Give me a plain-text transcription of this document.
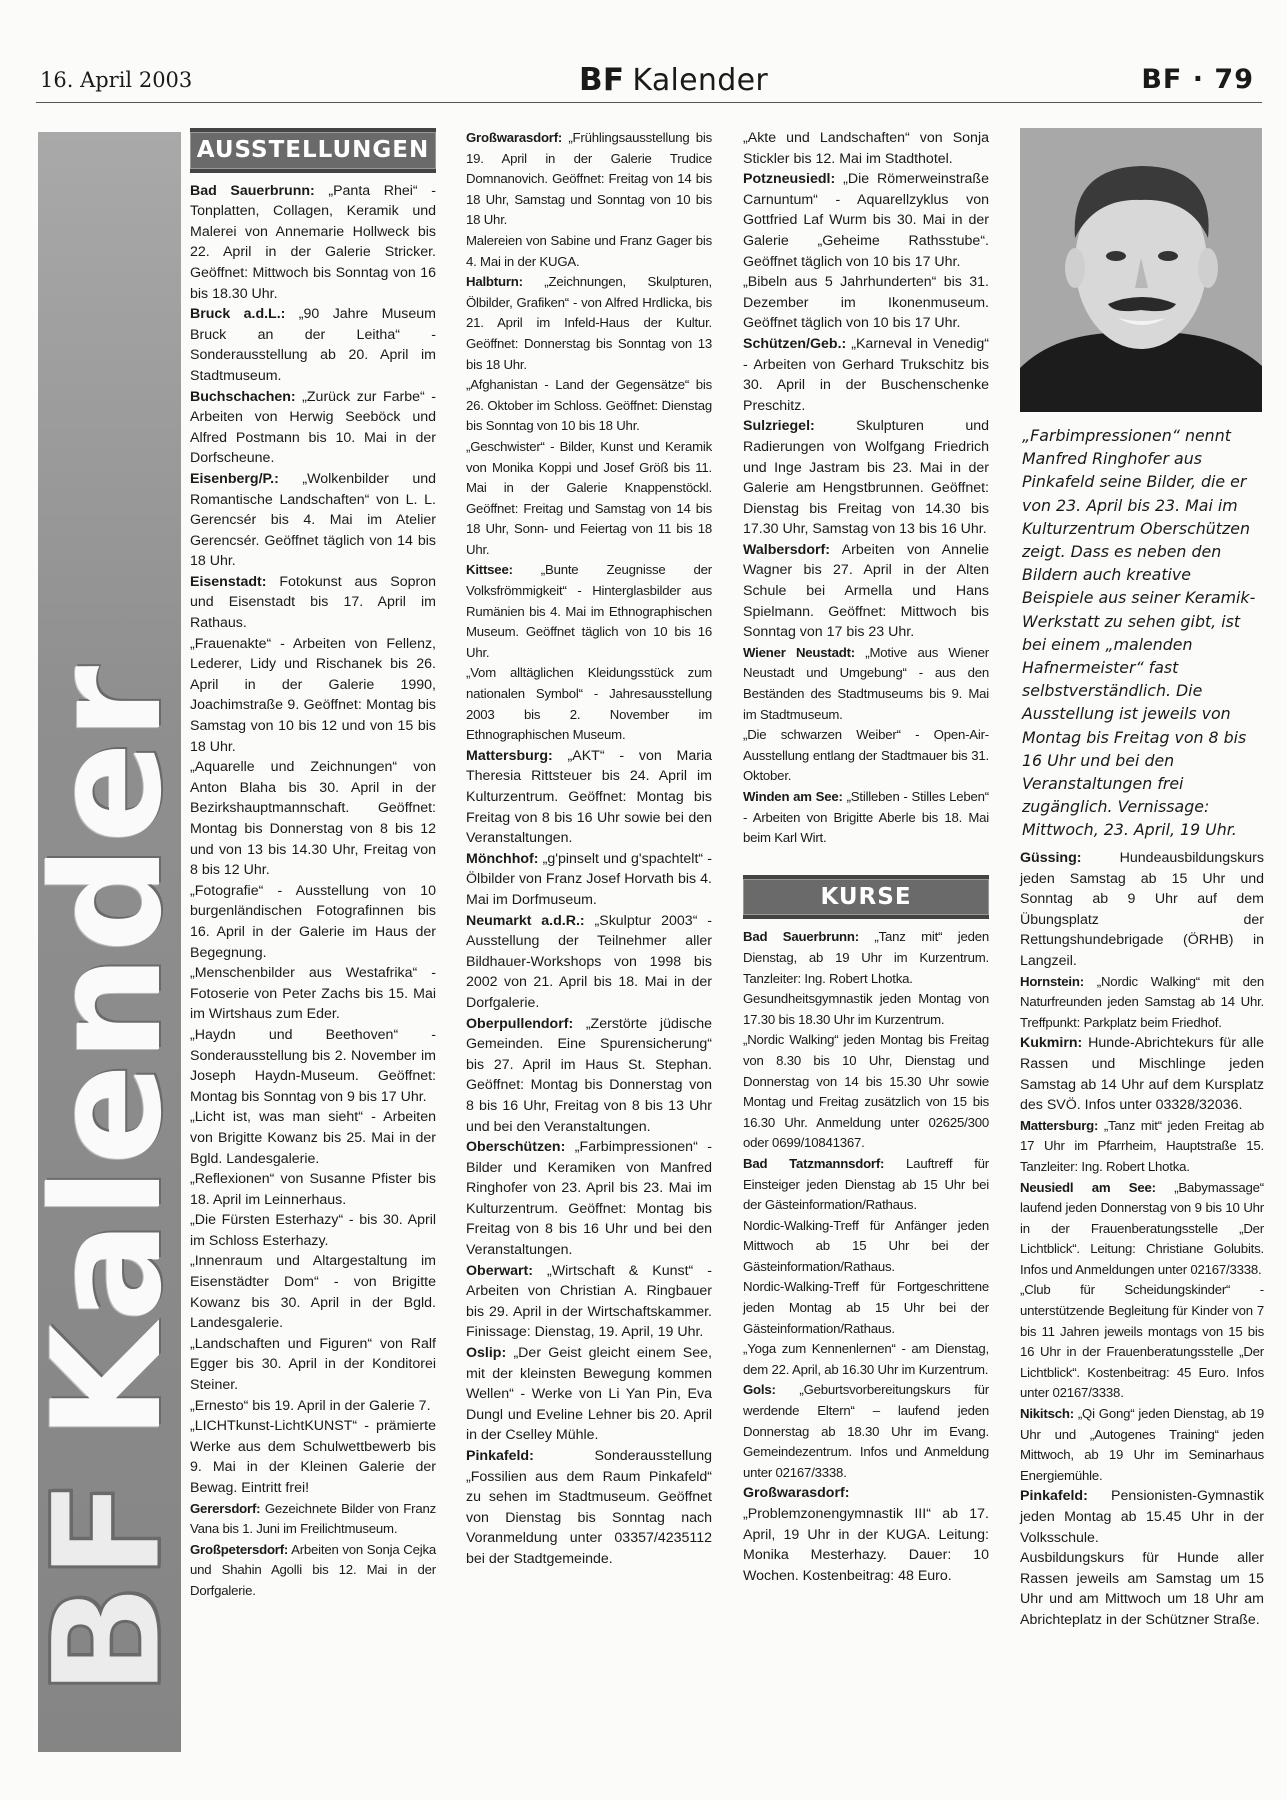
16. April 2003	BF Kalender	BF · 79
BFKalender
AUSSTELLUNGEN

Bad Sauerbrunn: „Panta Rhei“ - Tonplatten, Collagen, Keramik und Malerei von Annemarie Hollweck bis 22. April in der Galerie Stricker. Geöffnet: Mittwoch bis Sonntag von 16 bis 18.30 Uhr.

Bruck a.d.L.: „90 Jahre Museum Bruck an der Leitha“ - Sonderausstellung ab 20. April im Stadtmuseum.

Buchschachen: „Zurück zur Farbe“ - Arbeiten von Herwig Seeböck und Alfred Postmann bis 10. Mai in der Dorfscheune.

Eisenberg/P.: „Wolkenbilder und Romantische Landschaften“ von L. L. Gerencsér bis 4. Mai im Atelier Gerencsér. Geöffnet täglich von 14 bis 18 Uhr.

Eisenstadt: Fotokunst aus Sopron und Eisenstadt bis 17. April im Rathaus.

„Frauenakte“ - Arbeiten von Fellenz, Lederer, Lidy und Rischanek bis 26. April in der Galerie 1990, Joachimstraße 9. Geöffnet: Montag bis Samstag von 10 bis 12 und von 15 bis 18 Uhr.

„Aquarelle und Zeichnungen“ von Anton Blaha bis 30. April in der Bezirkshauptmannschaft. Geöffnet: Montag bis Donnerstag von 8 bis 12 und von 13 bis 14.30 Uhr, Freitag von 8 bis 12 Uhr.

„Fotografie“ - Ausstellung von 10 burgenländischen Fotografinnen bis 16. April in der Galerie im Haus der Begegnung.

„Menschenbilder aus Westafrika“ - Fotoserie von Peter Zachs bis 15. Mai im Wirtshaus zum Eder.

„Haydn und Beethoven“ - Sonderausstellung bis 2. November im Joseph Haydn-Museum. Geöffnet: Montag bis Sonntag von 9 bis 17 Uhr.

„Licht ist, was man sieht“ - Arbeiten von Brigitte Kowanz bis 25. Mai in der Bgld. Landesgalerie.

„Reflexionen“ von Susanne Pfister bis 18. April im Leinnerhaus.

„Die Fürsten Esterhazy“ - bis 30. April im Schloss Esterhazy.

„Innenraum und Altargestaltung im Eisenstädter Dom“ - von Brigitte Kowanz bis 30. April in der Bgld. Landesgalerie.

„Landschaften und Figuren“ von Ralf Egger bis 30. April in der Konditorei Steiner.

„Ernesto“ bis 19. April in der Galerie 7.

„LICHTkunst-LichtKUNST“ - prämierte Werke aus dem Schulwettbewerb bis 9. Mai in der Kleinen Galerie der Bewag. Eintritt frei!

Gerersdorf: Gezeichnete Bilder von Franz Vana bis 1. Juni im Freilichtmuseum.

Großpetersdorf: Arbeiten von Sonja Cejka und Shahin Agolli bis 12. Mai in der Dorfgalerie.

Großwarasdorf: „Frühlingsausstellung bis 19. April in der Galerie Trudice Domnanovich. Geöffnet: Freitag von 14 bis 18 Uhr, Samstag und Sonntag von 10 bis 18 Uhr.

Malereien von Sabine und Franz Gager bis 4. Mai in der KUGA.

Halbturn: „Zeichnungen, Skulpturen, Ölbilder, Grafiken“ - von Alfred Hrdlicka, bis 21. April im Infeld-Haus der Kultur. Geöffnet: Donnerstag bis Sonntag von 13 bis 18 Uhr.

„Afghanistan - Land der Gegensätze“ bis 26. Oktober im Schloss. Geöffnet: Dienstag bis Sonntag von 10 bis 18 Uhr.

„Geschwister“ - Bilder, Kunst und Keramik von Monika Koppi und Josef Größ bis 11. Mai in der Galerie Knappenstöckl. Geöffnet: Freitag und Samstag von 14 bis 18 Uhr, Sonn- und Feiertag von 11 bis 18 Uhr.

Kittsee: „Bunte Zeugnisse der Volksfrömmigkeit“ - Hinterglasbilder aus Rumänien bis 4. Mai im Ethnographischen Museum. Geöffnet täglich von 10 bis 16 Uhr.

„Vom alltäglichen Kleidungsstück zum nationalen Symbol“ - Jahresausstellung 2003 bis 2. November im Ethnographischen Museum.

Mattersburg: „AKT“ - von Maria Theresia Rittsteuer bis 24. April im Kulturzentrum. Geöffnet: Montag bis Freitag von 8 bis 16 Uhr sowie bei den Veranstaltungen.

Mönchhof: „g'pinselt und g'spachtelt“ - Ölbilder von Franz Josef Horvath bis 4. Mai im Dorfmuseum.

Neumarkt a.d.R.: „Skulptur 2003“ - Ausstellung der Teilnehmer aller Bildhauer-Workshops von 1998 bis 2002 von 21. April bis 18. Mai in der Dorfgalerie.

Oberpullendorf: „Zerstörte jüdische Gemeinden. Eine Spurensicherung“ bis 27. April im Haus St. Stephan. Geöffnet: Montag bis Donnerstag von 8 bis 16 Uhr, Freitag von 8 bis 13 Uhr und bei den Veranstaltungen.

Oberschützen: „Farbimpressionen“ - Bilder und Keramiken von Manfred Ringhofer von 23. April bis 23. Mai im Kulturzentrum. Geöffnet: Montag bis Freitag von 8 bis 16 Uhr und bei den Veranstaltungen.

Oberwart: „Wirtschaft & Kunst“ - Arbeiten von Christian A. Ringbauer bis 29. April in der Wirtschaftskammer. Finissage: Dienstag, 19. April, 19 Uhr.

Oslip: „Der Geist gleicht einem See, mit der kleinsten Bewegung kommen Wellen“ - Werke von Li Yan Pin, Eva Dungl und Eveline Lehner bis 20. April in der Cselley Mühle.

Pinkafeld: Sonderausstellung „Fossilien aus dem Raum Pinkafeld“ zu sehen im Stadtmuseum. Geöffnet von Dienstag bis Sonntag nach Voranmeldung unter 03357/4235112 bei der Stadtgemeinde.

„Akte und Landschaften“ von Sonja Stickler bis 12. Mai im Stadthotel.

Potzneusiedl: „Die Römerweinstraße Carnuntum“ - Aquarellzyklus von Gottfried Laf Wurm bis 30. Mai in der Galerie „Geheime Rathsstube“. Geöffnet täglich von 10 bis 17 Uhr.

„Bibeln aus 5 Jahrhunderten“ bis 31. Dezember im Ikonenmuseum. Geöffnet täglich von 10 bis 17 Uhr.

Schützen/Geb.: „Karneval in Venedig“ - Arbeiten von Gerhard Trukschitz bis 30. April in der Buschenschenke Preschitz.

Sulzriegel: Skulpturen und Radierungen von Wolfgang Friedrich und Inge Jastram bis 23. Mai in der Galerie am Hengstbrunnen. Geöffnet: Dienstag bis Freitag von 14.30 bis 17.30 Uhr, Samstag von 13 bis 16 Uhr.

Walbersdorf: Arbeiten von Annelie Wagner bis 27. April in der Alten Schule bei Armella und Hans Spielmann. Geöffnet: Mittwoch bis Sonntag von 17 bis 23 Uhr.

Wiener Neustadt: „Motive aus Wiener Neustadt und Umgebung“ - aus den Beständen des Stadtmuseums bis 9. Mai im Stadtmuseum.

„Die schwarzen Weiber“ - Open-Air-Ausstellung entlang der Stadtmauer bis 31. Oktober.

Winden am See: „Stilleben - Stilles Leben“ - Arbeiten von Brigitte Aberle bis 18. Mai beim Karl Wirt.

KURSE

Bad Sauerbrunn: „Tanz mit“ jeden Dienstag, ab 19 Uhr im Kurzentrum. Tanzleiter: Ing. Robert Lhotka.

Gesundheitsgymnastik jeden Montag von 17.30 bis 18.30 Uhr im Kurzentrum.

„Nordic Walking“ jeden Montag bis Freitag von 8.30 bis 10 Uhr, Dienstag und Donnerstag von 14 bis 15.30 Uhr sowie Montag und Freitag zusätzlich von 15 bis 16.30 Uhr. Anmeldung unter 02625/300 oder 0699/10841367.

Bad Tatzmannsdorf: Lauftreff für Einsteiger jeden Dienstag ab 15 Uhr bei der Gästeinformation/Rathaus.

Nordic-Walking-Treff für Anfänger jeden Mittwoch ab 15 Uhr bei der Gästeinformation/Rathaus.

Nordic-Walking-Treff für Fortgeschrittene jeden Montag ab 15 Uhr bei der Gästeinformation/Rathaus.

„Yoga zum Kennenlernen“ - am Dienstag, dem 22. April, ab 16.30 Uhr im Kurzentrum.

Gols: „Geburtsvorbereitungskurs für werdende Eltern“ – laufend jeden Donnerstag ab 18.30 Uhr im Evang. Gemeindezentrum. Infos und Anmeldung unter 02167/3338.

Großwarasdorf: „Problemzonengymnastik III“ ab 17. April, 19 Uhr in der KUGA. Leitung: Monika Mesterhazy. Dauer: 10 Wochen. Kostenbeitrag: 48 Euro.

„Farbimpressionen“ nennt Manfred Ringhofer aus Pinkafeld seine Bilder, die er von 23. April bis 23. Mai im Kulturzentrum Oberschützen zeigt. Dass es neben den Bildern auch kreative Beispiele aus seiner Keramik-Werkstatt zu sehen gibt, ist bei einem „malenden Hafnermeister“ fast selbstverständlich. Die Ausstellung ist jeweils von Montag bis Freitag von 8 bis 16 Uhr und bei den Veranstaltungen frei zugänglich. Vernissage: Mittwoch, 23. April, 19 Uhr.

Güssing: Hundeausbildungskurs jeden Samstag ab 15 Uhr und Sonntag ab 9 Uhr auf dem Übungsplatz der Rettungshundebrigade (ÖRHB) in Langzeil.

Hornstein: „Nordic Walking“ mit den Naturfreunden jeden Samstag ab 14 Uhr. Treffpunkt: Parkplatz beim Friedhof.

Kukmirn: Hunde-Abrichtekurs für alle Rassen und Mischlinge jeden Samstag ab 14 Uhr auf dem Kursplatz des SVÖ. Infos unter 03328/32036.

Mattersburg: „Tanz mit“ jeden Freitag ab 17 Uhr im Pfarrheim, Hauptstraße 15. Tanzleiter: Ing. Robert Lhotka.

Neusiedl am See: „Babymassage“ laufend jeden Donnerstag von 9 bis 10 Uhr in der Frauenberatungsstelle „Der Lichtblick“. Leitung: Christiane Golubits. Infos und Anmeldungen unter 02167/3338.

„Club für Scheidungskinder“ - unterstützende Begleitung für Kinder von 7 bis 11 Jahren jeweils montags von 15 bis 16 Uhr in der Frauenberatungsstelle „Der Lichtblick“. Kostenbeitrag: 45 Euro. Infos unter 02167/3338.

Nikitsch: „Qi Gong“ jeden Dienstag, ab 19 Uhr und „Autogenes Training“ jeden Mittwoch, ab 19 Uhr im Seminarhaus Energiemühle.

Pinkafeld: Pensionisten-Gymnastik jeden Montag ab 15.45 Uhr in der Volksschule.

Ausbildungskurs für Hunde aller Rassen jeweils am Samstag um 15 Uhr und am Mittwoch um 18 Uhr am Abrichteplatz in der Schützner Straße.
